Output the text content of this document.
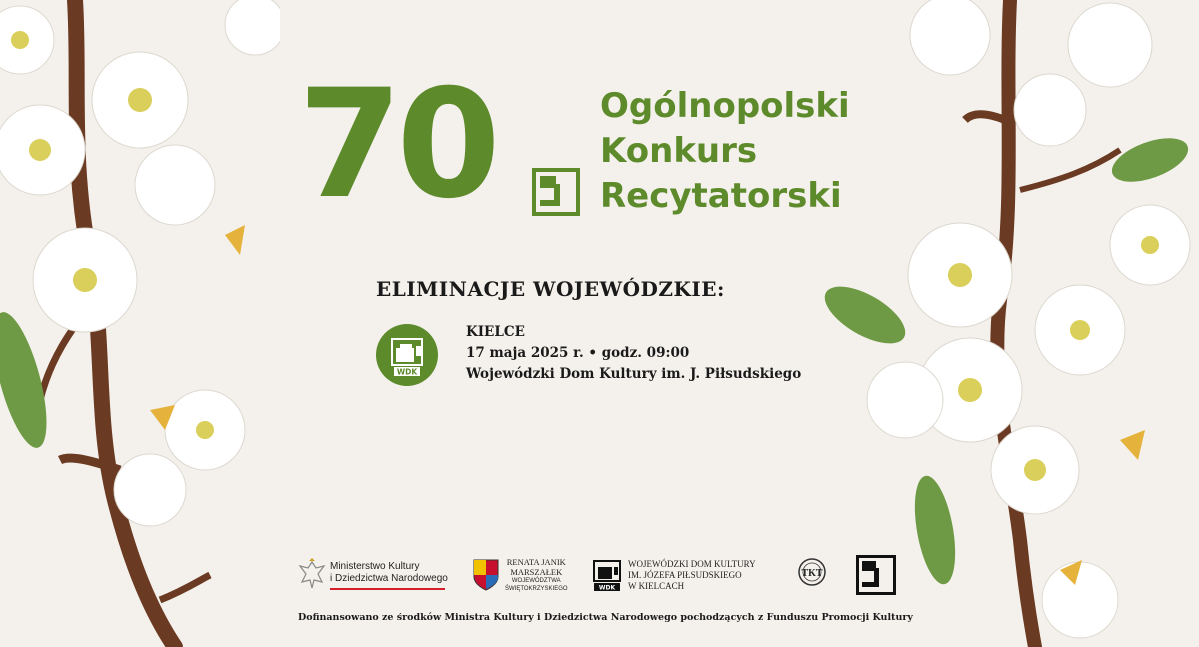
70	Ogólnopolski
Konkurs
Recytatorski
ELIMINACJE WOJEWÓDZKIE:
WDK
KIELCE
17 maja 2025 r. • godz. 09:00
Wojewódzki Dom Kultury im. J. Piłsudskiego
Ministerstwo Kultury
i Dziedzictwa Narodowego
RENATA JANIK
MARSZAŁEK
WOJEWÓDZTWA
ŚWIĘTOKRZYSKIEGO	WDK
WOJEWÓDZKI DOM KULTURY
IM. JÓZEFA PIŁSUDSKIEGO
W KIELCACH
TKT
Dofinansowano ze środków Ministra Kultury i Dziedzictwa Narodowego pochodzących z Funduszu Promocji Kultury
